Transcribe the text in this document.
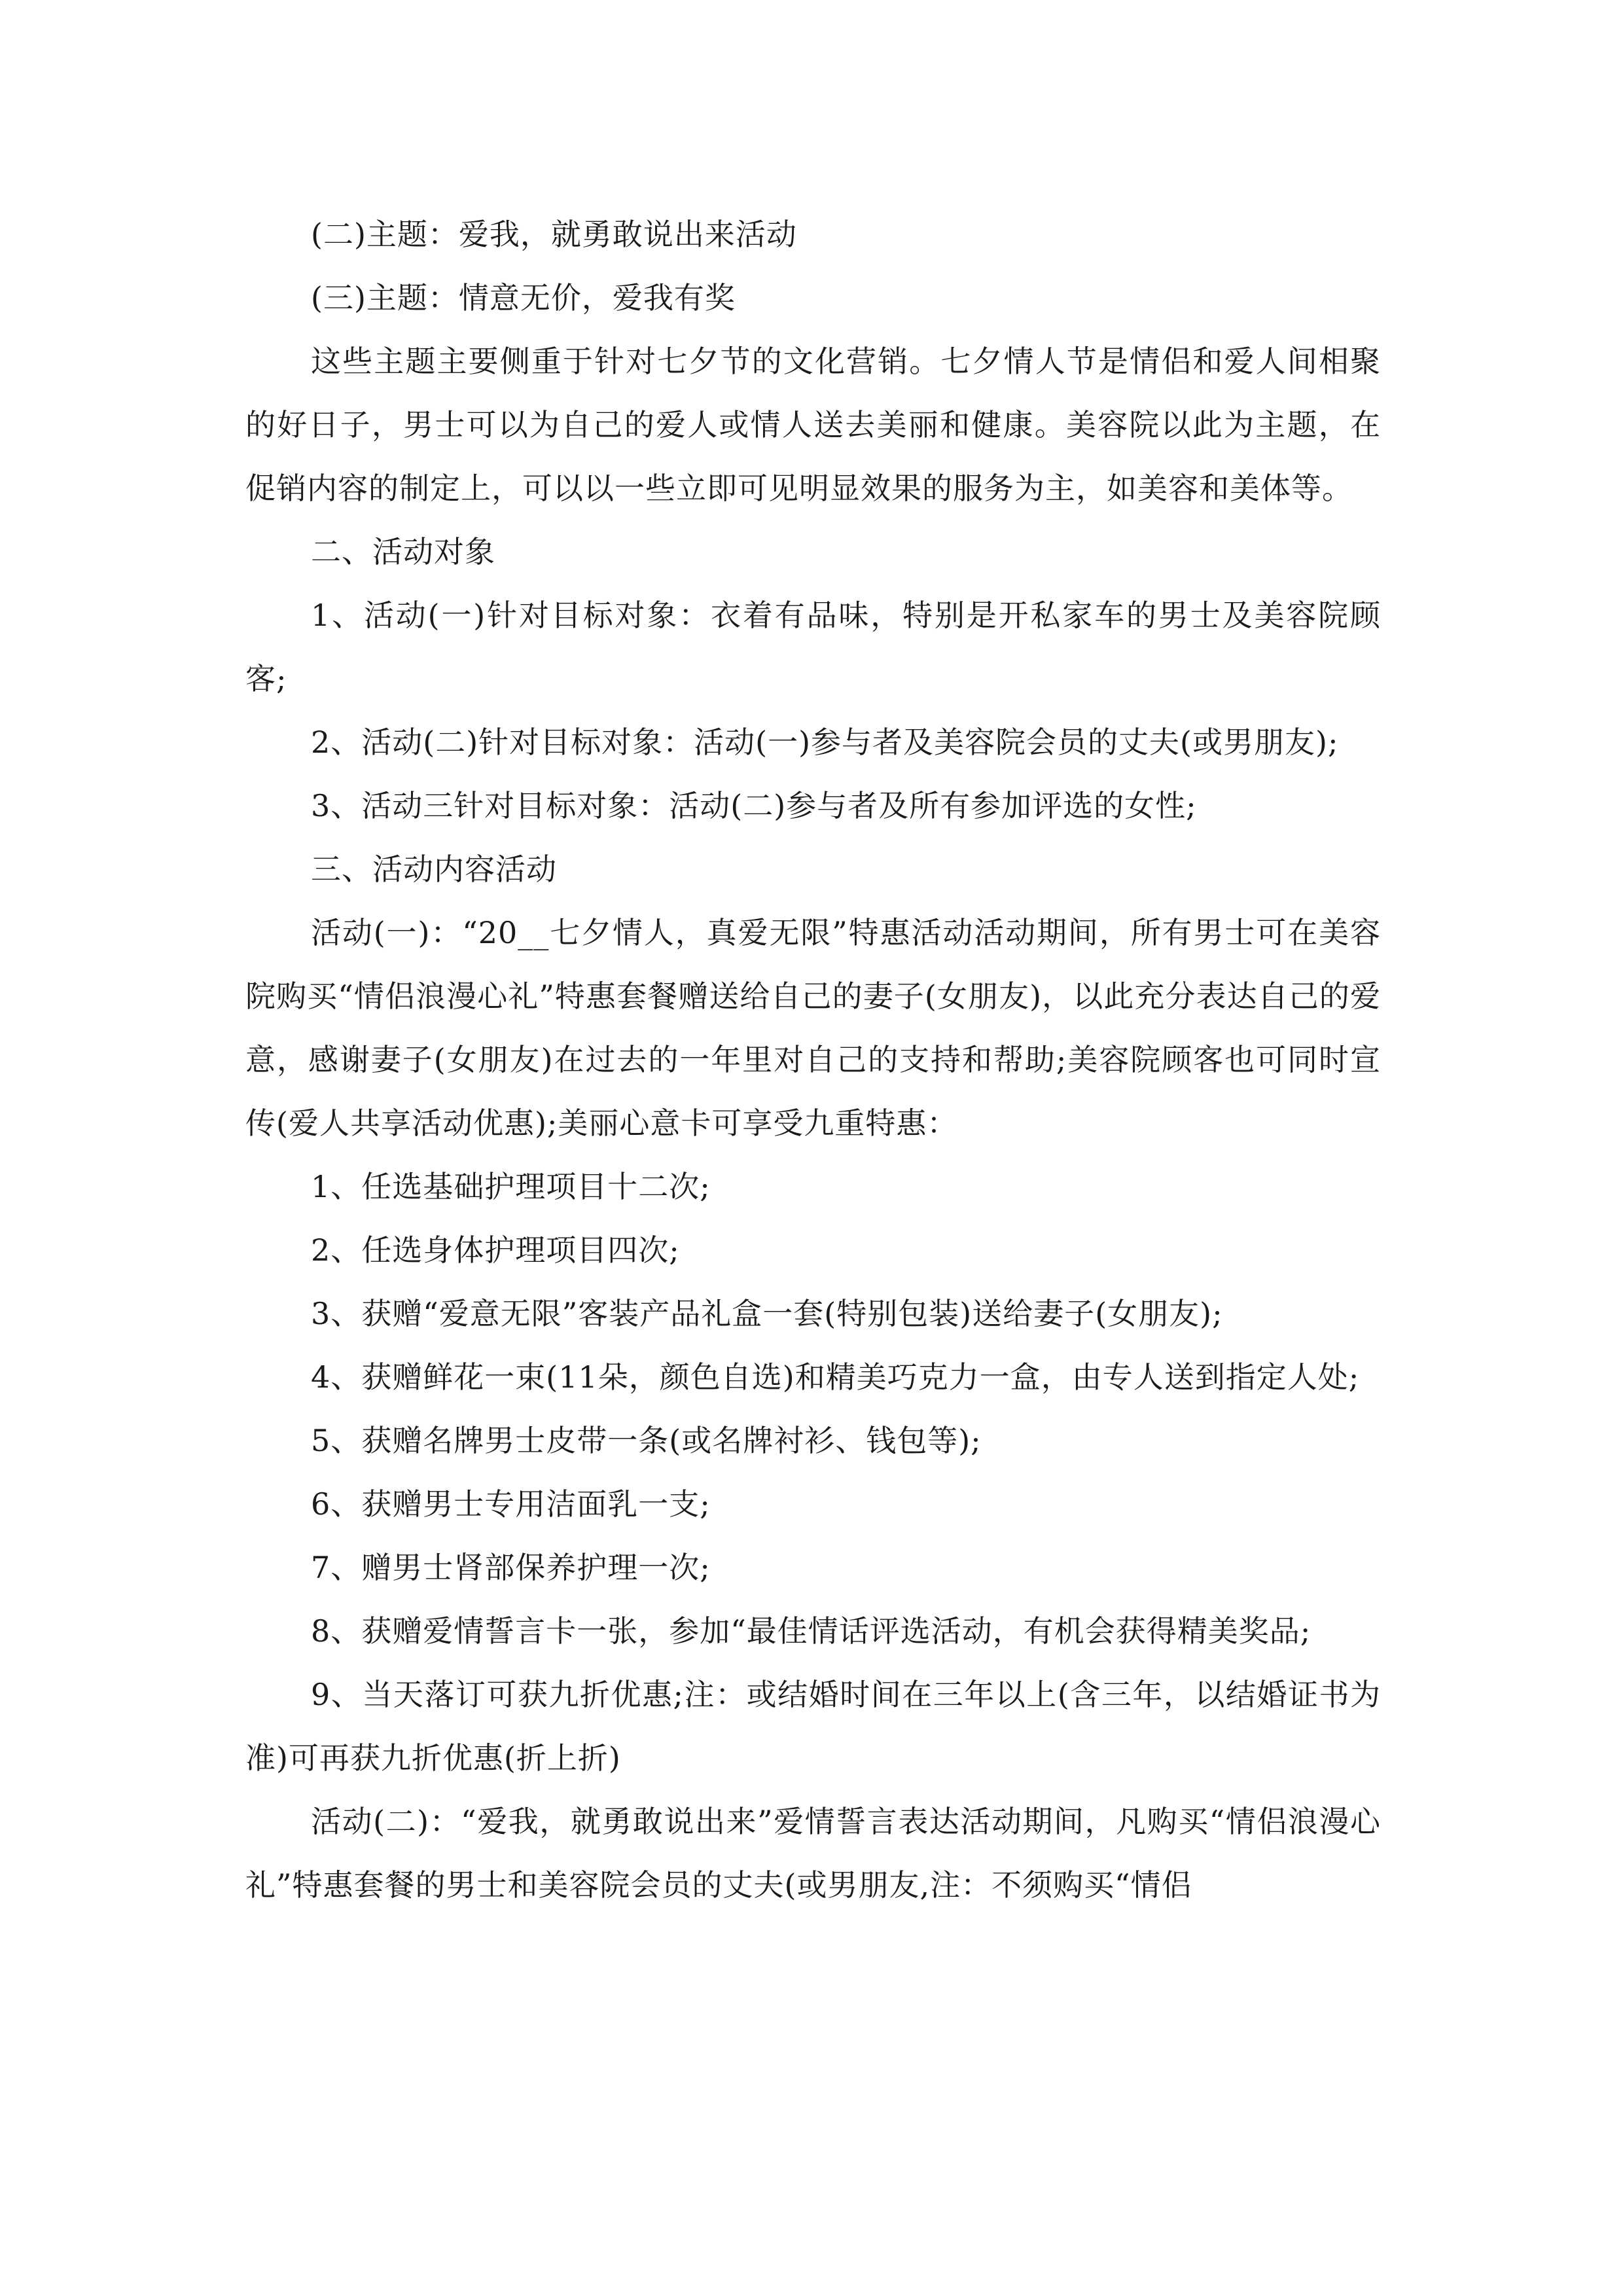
(二)主题：爱我，就勇敢说出来活动

(三)主题：情意无价，爱我有奖

这些主题主要侧重于针对七夕节的文化营销。七夕情人节是情侣和爱人间相聚的好日子，男士可以为自己的爱人或情人送去美丽和健康。美容院以此为主题，在促销内容的制定上，可以以一些立即可见明显效果的服务为主，如美容和美体等。

二、活动对象

1、活动(一)针对目标对象：衣着有品味，特别是开私家车的男士及美容院顾客;

2、活动(二)针对目标对象：活动(一)参与者及美容院会员的丈夫(或男朋友);

3、活动三针对目标对象：活动(二)参与者及所有参加评选的女性;

三、活动内容活动

活动(一)：“20__七夕情人，真爱无限”特惠活动活动期间，所有男士可在美容院购买“情侣浪漫心礼”特惠套餐赠送给自己的妻子(女朋友)，以此充分表达自己的爱意，感谢妻子(女朋友)在过去的一年里对自己的支持和帮助;美容院顾客也可同时宣传(爱人共享活动优惠);美丽心意卡可享受九重特惠：

1、任选基础护理项目十二次;

2、任选身体护理项目四次;

3、获赠“爱意无限”客装产品礼盒一套(特别包装)送给妻子(女朋友);

4、获赠鲜花一束(11朵，颜色自选)和精美巧克力一盒，由专人送到指定人处;

5、获赠名牌男士皮带一条(或名牌衬衫、钱包等);

6、获赠男士专用洁面乳一支;

7、赠男士肾部保养护理一次;

8、获赠爱情誓言卡一张，参加“最佳情话评选活动，有机会获得精美奖品;

9、当天落订可获九折优惠;注：或结婚时间在三年以上(含三年，以结婚证书为准)可再获九折优惠(折上折)

活动(二)：“爱我，就勇敢说出来”爱情誓言表达活动期间，凡购买“情侣浪漫心礼”特惠套餐的男士和美容院会员的丈夫(或男朋友,注：不须购买“情侣
